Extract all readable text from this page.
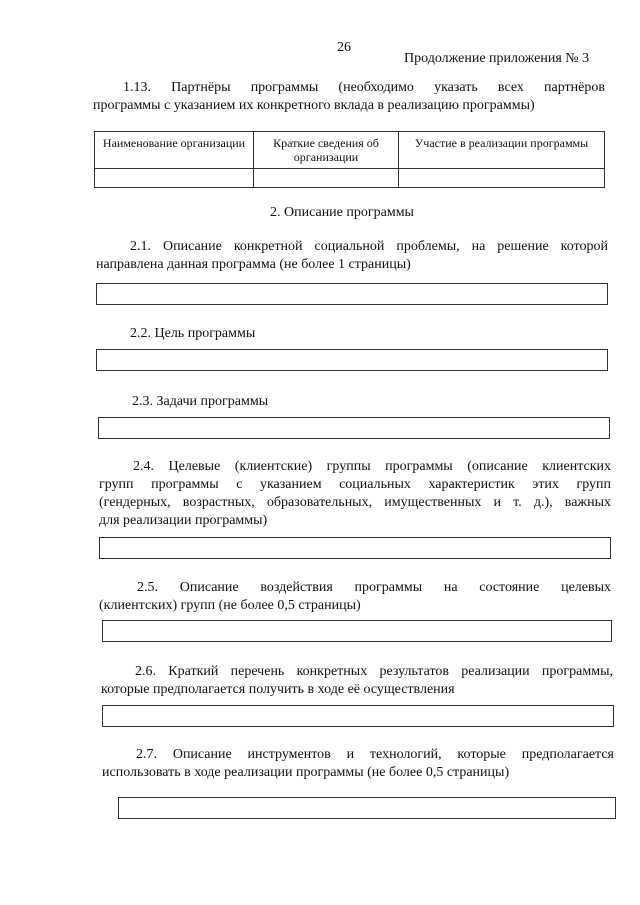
26
Продолжение приложения № 3
1.13. Партнёры программы (необходимо указать всех партнёров
программы с указанием их конкретного вклада в реализацию программы)
Наименование организации	Краткие сведения об организации	Участие в реализации программы

2. Описание программы
2.1. Описание конкретной социальной проблемы, на решение которой
направлена данная программа (не более 1 страницы)
2.2. Цель программы
2.3. Задачи программы
2.4. Целевые (клиентские) группы программы (описание клиентских
групп программы с указанием социальных характеристик этих групп
(гендерных, возрастных, образовательных, имущественных и т. д.), важных
для реализации программы)
2.5. Описание воздействия программы на состояние целевых
(клиентских) групп (не более 0,5 страницы)
2.6. Краткий перечень конкретных результатов реализации программы,
которые предполагается получить в ходе её осуществления
2.7. Описание инструментов и технологий, которые предполагается
использовать в ходе реализации программы (не более 0,5 страницы)
